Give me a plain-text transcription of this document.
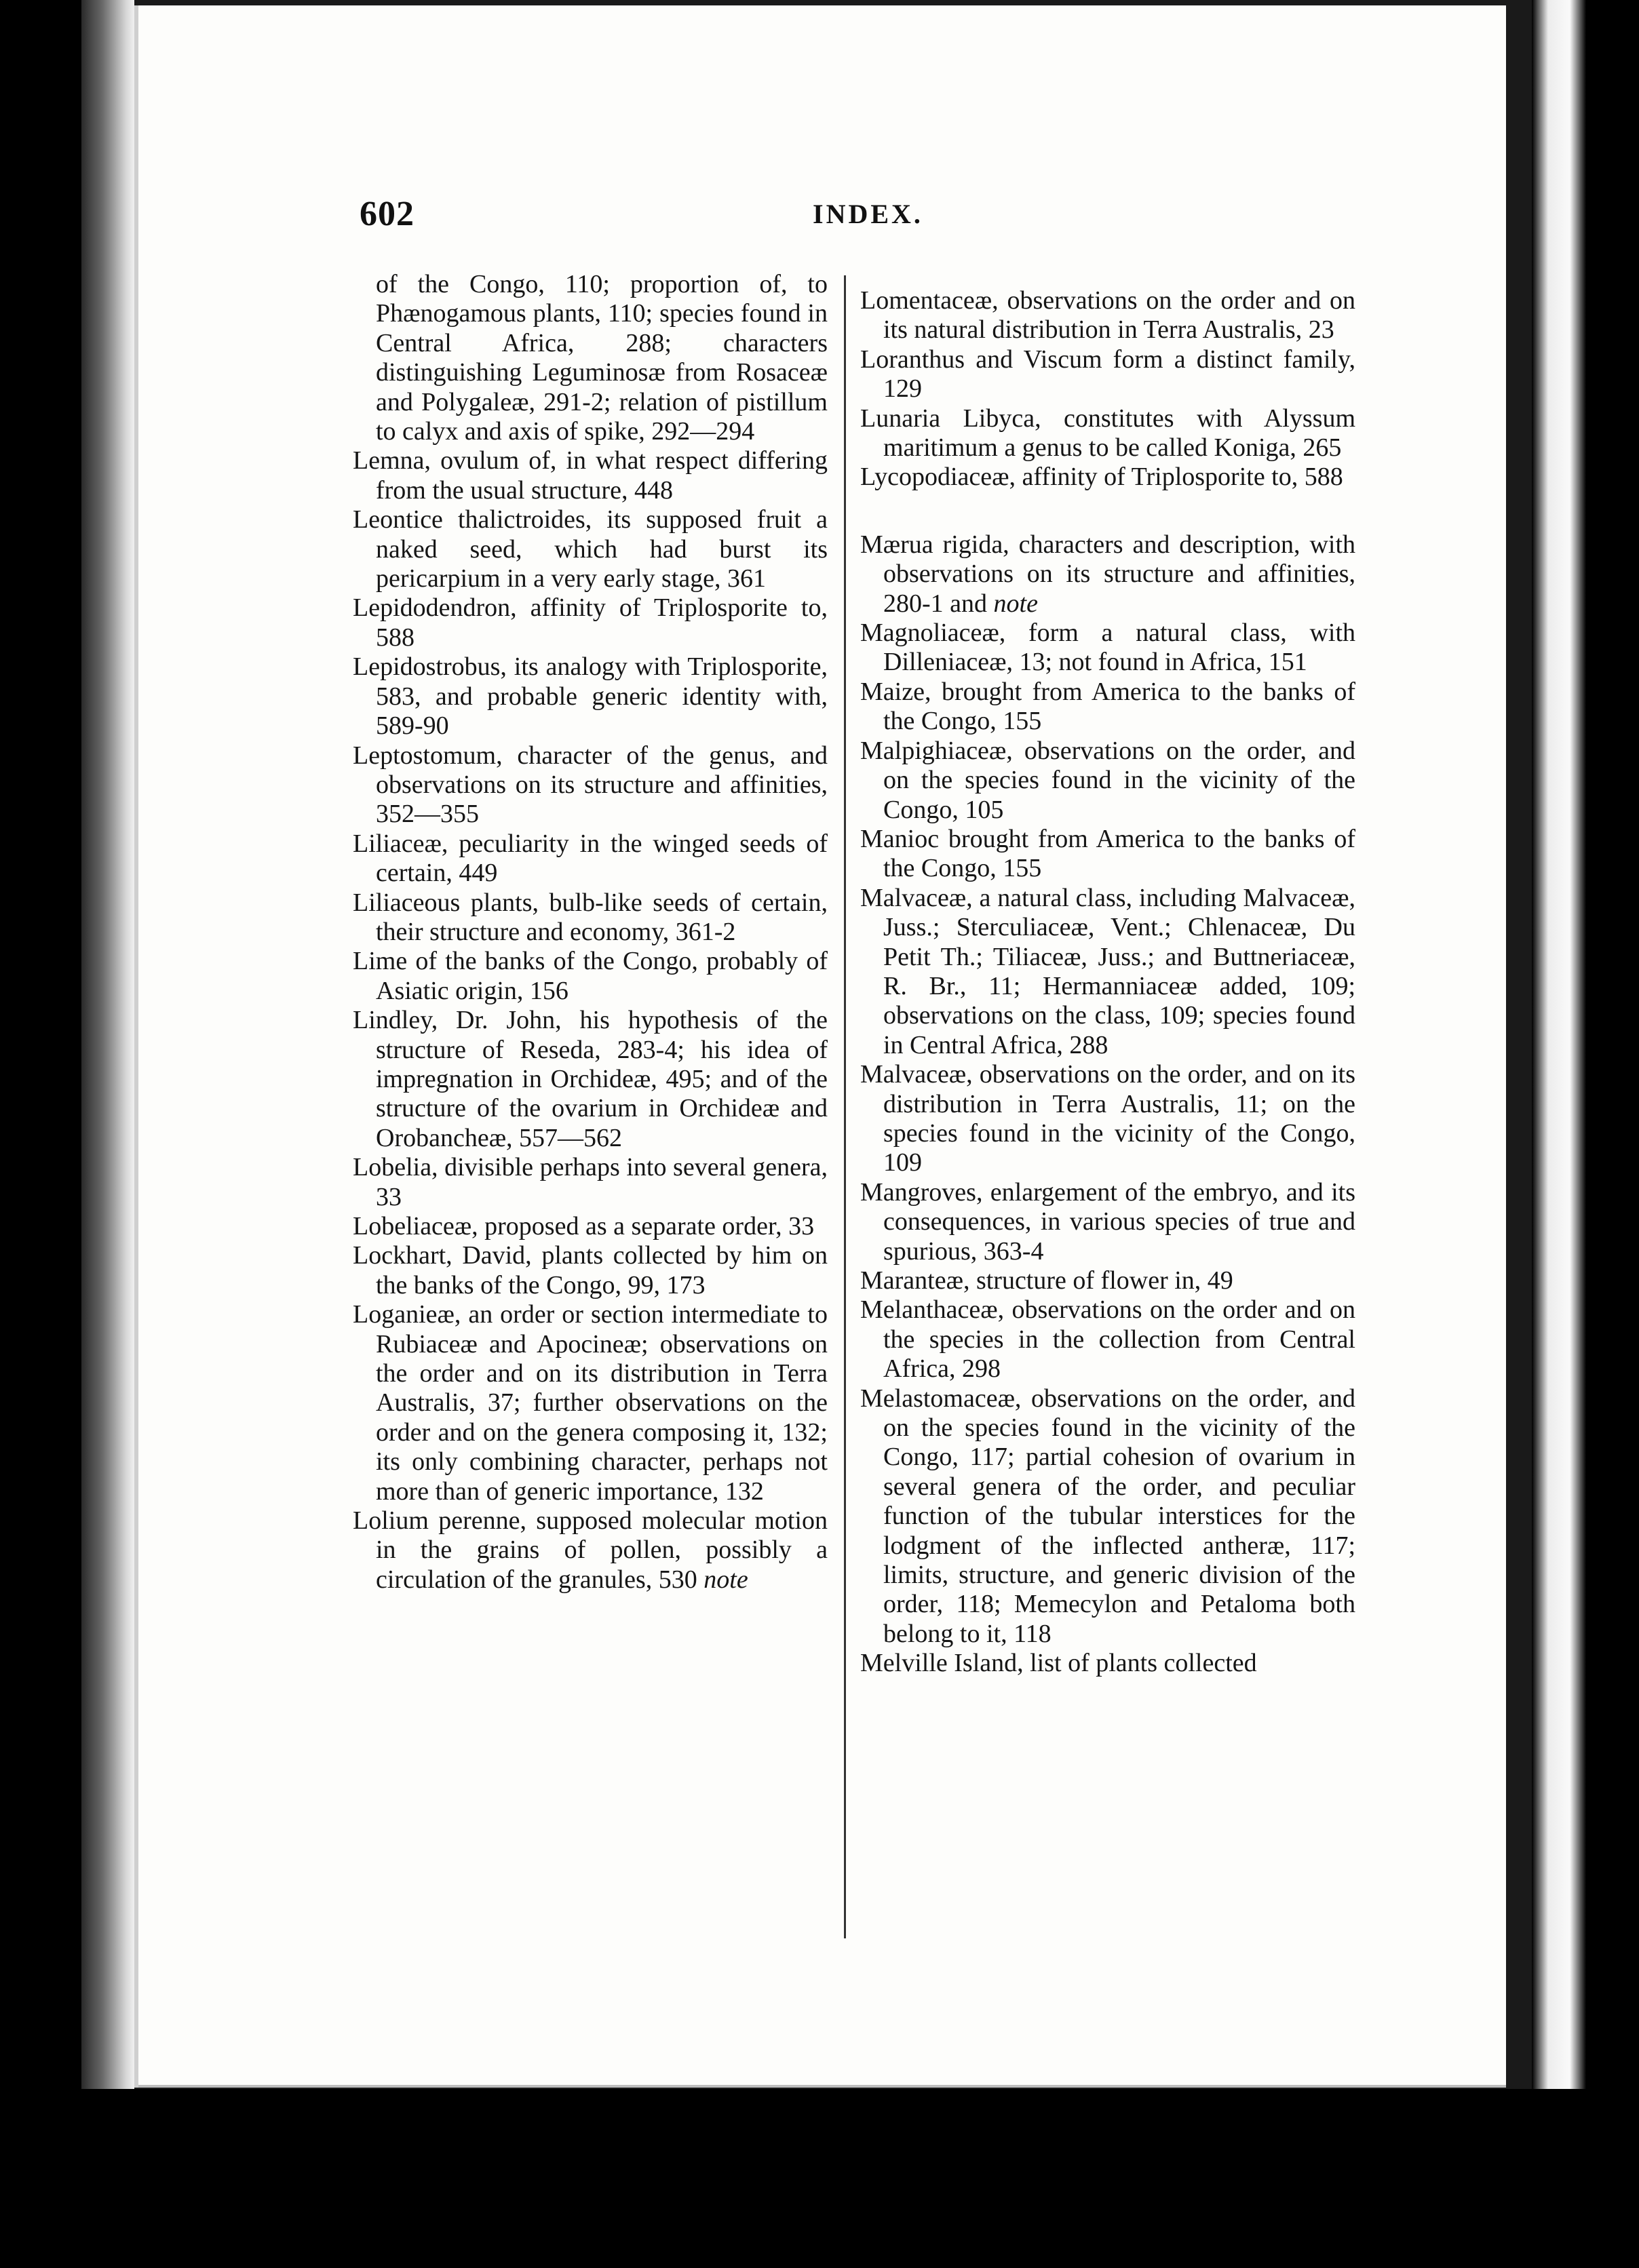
602	INDEX.

of the Congo, 110; proportion of, to Phænogamous plants, 110; species found in Central Africa, 288; characters distinguishing Leguminosæ from Rosaceæ and Polygaleæ, 291-2; relation of pistillum to calyx and axis of spike, 292—294

Lemna, ovulum of, in what respect differing from the usual structure, 448

Leontice thalictroides, its supposed fruit a naked seed, which had burst its pericarpium in a very early stage, 361

Lepidodendron, affinity of Triplosporite to, 588

Lepidostrobus, its analogy with Triplosporite, 583, and probable generic identity with, 589-90

Leptostomum, character of the genus, and observations on its structure and affinities, 352—355

Liliaceæ, peculiarity in the winged seeds of certain, 449

Liliaceous plants, bulb-like seeds of certain, their structure and economy, 361-2

Lime of the banks of the Congo, probably of Asiatic origin, 156

Lindley, Dr. John, his hypothesis of the structure of Reseda, 283-4; his idea of impregnation in Orchideæ, 495; and of the structure of the ovarium in Orchideæ and Orobancheæ, 557—562

Lobelia, divisible perhaps into several genera, 33

Lobeliaceæ, proposed as a separate order, 33

Lockhart, David, plants collected by him on the banks of the Congo, 99, 173

Loganieæ, an order or section intermediate to Rubiaceæ and Apocineæ; observations on the order and on its distribution in Terra Australis, 37; further observations on the order and on the genera composing it, 132; its only combining character, perhaps not more than of generic importance, 132

Lolium perenne, supposed molecular motion in the grains of pollen, possibly a circulation of the granules, 530 note

Lomentaceæ, observations on the order and on its natural distribution in Terra Australis, 23

Loranthus and Viscum form a distinct family, 129

Lunaria Libyca, constitutes with Alyssum maritimum a genus to be called Koniga, 265

Lycopodiaceæ, affinity of Triplosporite to, 588

Mærua rigida, characters and description, with observations on its structure and affinities, 280-1 and note

Magnoliaceæ, form a natural class, with Dilleniaceæ, 13; not found in Africa, 151

Maize, brought from America to the banks of the Congo, 155

Malpighiaceæ, observations on the order, and on the species found in the vicinity of the Congo, 105

Manioc brought from America to the banks of the Congo, 155

Malvaceæ, a natural class, including Malvaceæ, Juss.; Sterculiaceæ, Vent.; Chlenaceæ, Du Petit Th.; Tiliaceæ, Juss.; and Buttneriaceæ, R. Br., 11; Hermanniaceæ added, 109; observations on the class, 109; species found in Central Africa, 288

Malvaceæ, observations on the order, and on its distribution in Terra Australis, 11; on the species found in the vicinity of the Congo, 109

Mangroves, enlargement of the embryo, and its consequences, in various species of true and spurious, 363-4

Maranteæ, structure of flower in, 49

Melanthaceæ, observations on the order and on the species in the collection from Central Africa, 298

Melastomaceæ, observations on the order, and on the species found in the vicinity of the Congo, 117; partial cohesion of ovarium in several genera of the order, and peculiar function of the tubular interstices for the lodgment of the inflected antheræ, 117; limits, structure, and generic division of the order, 118; Memecylon and Petaloma both belong to it, 118

Melville Island, list of plants collected
